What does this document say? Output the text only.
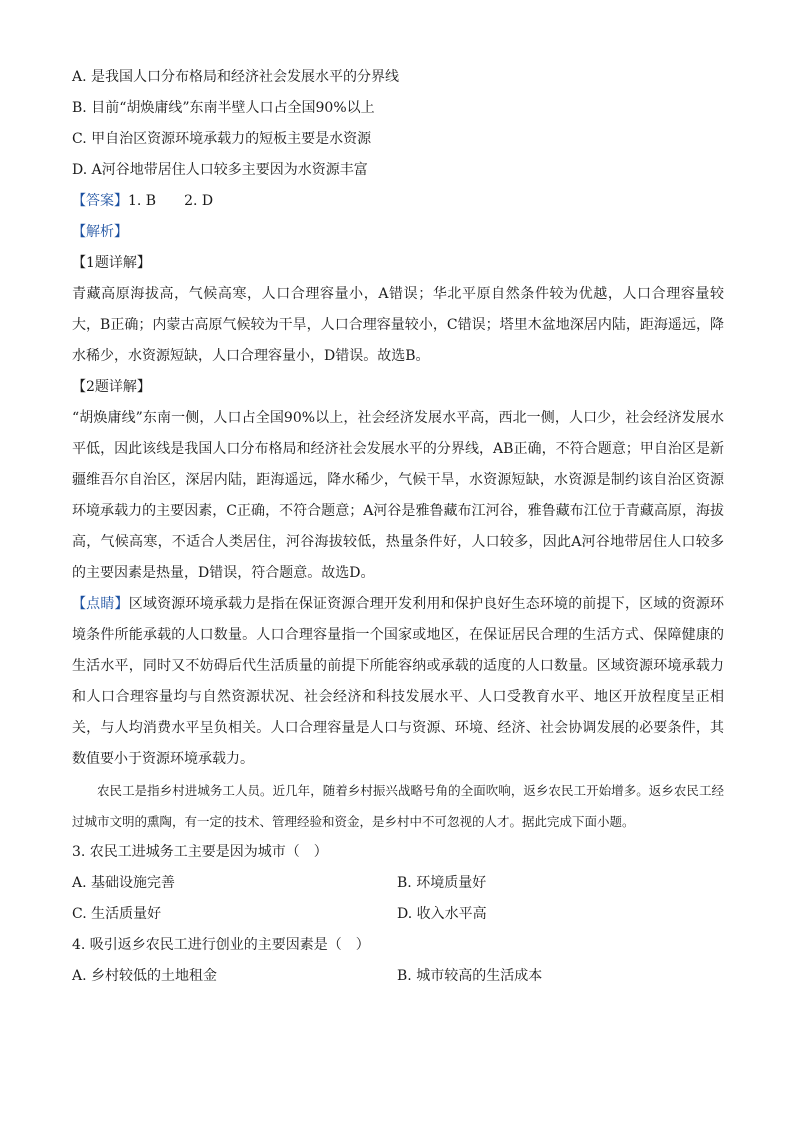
A. 是我国人口分布格局和经济社会发展水平的分界线
B. 目前“胡焕庸线”东南半壁人口占全国90%以上
C. 甲自治区资源环境承载力的短板主要是水资源
D. A河谷地带居住人口较多主要因为水资源丰富
【答案】1. B　　2. D
【解析】
【1题详解】

青藏高原海拔高，气候高寒，人口合理容量小，A错误；华北平原自然条件较为优越，人口合理容量较大，B正确；内蒙古高原气候较为干旱，人口合理容量较小，C错误；塔里木盆地深居内陆，距海遥远，降水稀少，水资源短缺，人口合理容量小，D错误。故选B。

【2题详解】

“胡焕庸线”东南一侧，人口占全国90%以上，社会经济发展水平高，西北一侧，人口少，社会经济发展水平低，因此该线是我国人口分布格局和经济社会发展水平的分界线，AB正确，不符合题意；甲自治区是新疆维吾尔自治区，深居内陆，距海遥远，降水稀少，气候干旱，水资源短缺，水资源是制约该自治区资源环境承载力的主要因素，C正确，不符合题意；A河谷是雅鲁藏布江河谷，雅鲁藏布江位于青藏高原，海拔高，气候高寒，不适合人类居住，河谷海拔较低，热量条件好，人口较多，因此A河谷地带居住人口较多的主要因素是热量，D错误，符合题意。故选D。

【点睛】区域资源环境承载力是指在保证资源合理开发利用和保护良好生态环境的前提下，区域的资源环境条件所能承载的人口数量。人口合理容量指一个国家或地区，在保证居民合理的生活方式、保障健康的生活水平，同时又不妨碍后代生活质量的前提下所能容纳或承载的适度的人口数量。区域资源环境承载力和人口合理容量均与自然资源状况、社会经济和科技发展水平、人口受教育水平、地区开放程度呈正相关，与人均消费水平呈负相关。人口合理容量是人口与资源、环境、经济、社会协调发展的必要条件，其数值要小于资源环境承载力。

农民工是指乡村进城务工人员。近几年，随着乡村振兴战略号角的全面吹响，返乡农民工开始增多。返乡农民工经过城市文明的熏陶，有一定的技术、管理经验和资金，是乡村中不可忽视的人才。据此完成下面小题。

3. 农民工进城务工主要是因为城市（　）
A. 基础设施完善	B. 环境质量好
C. 生活质量好	D. 收入水平高
4. 吸引返乡农民工进行创业的主要因素是（　）
A. 乡村较低的土地租金	B. 城市较高的生活成本
